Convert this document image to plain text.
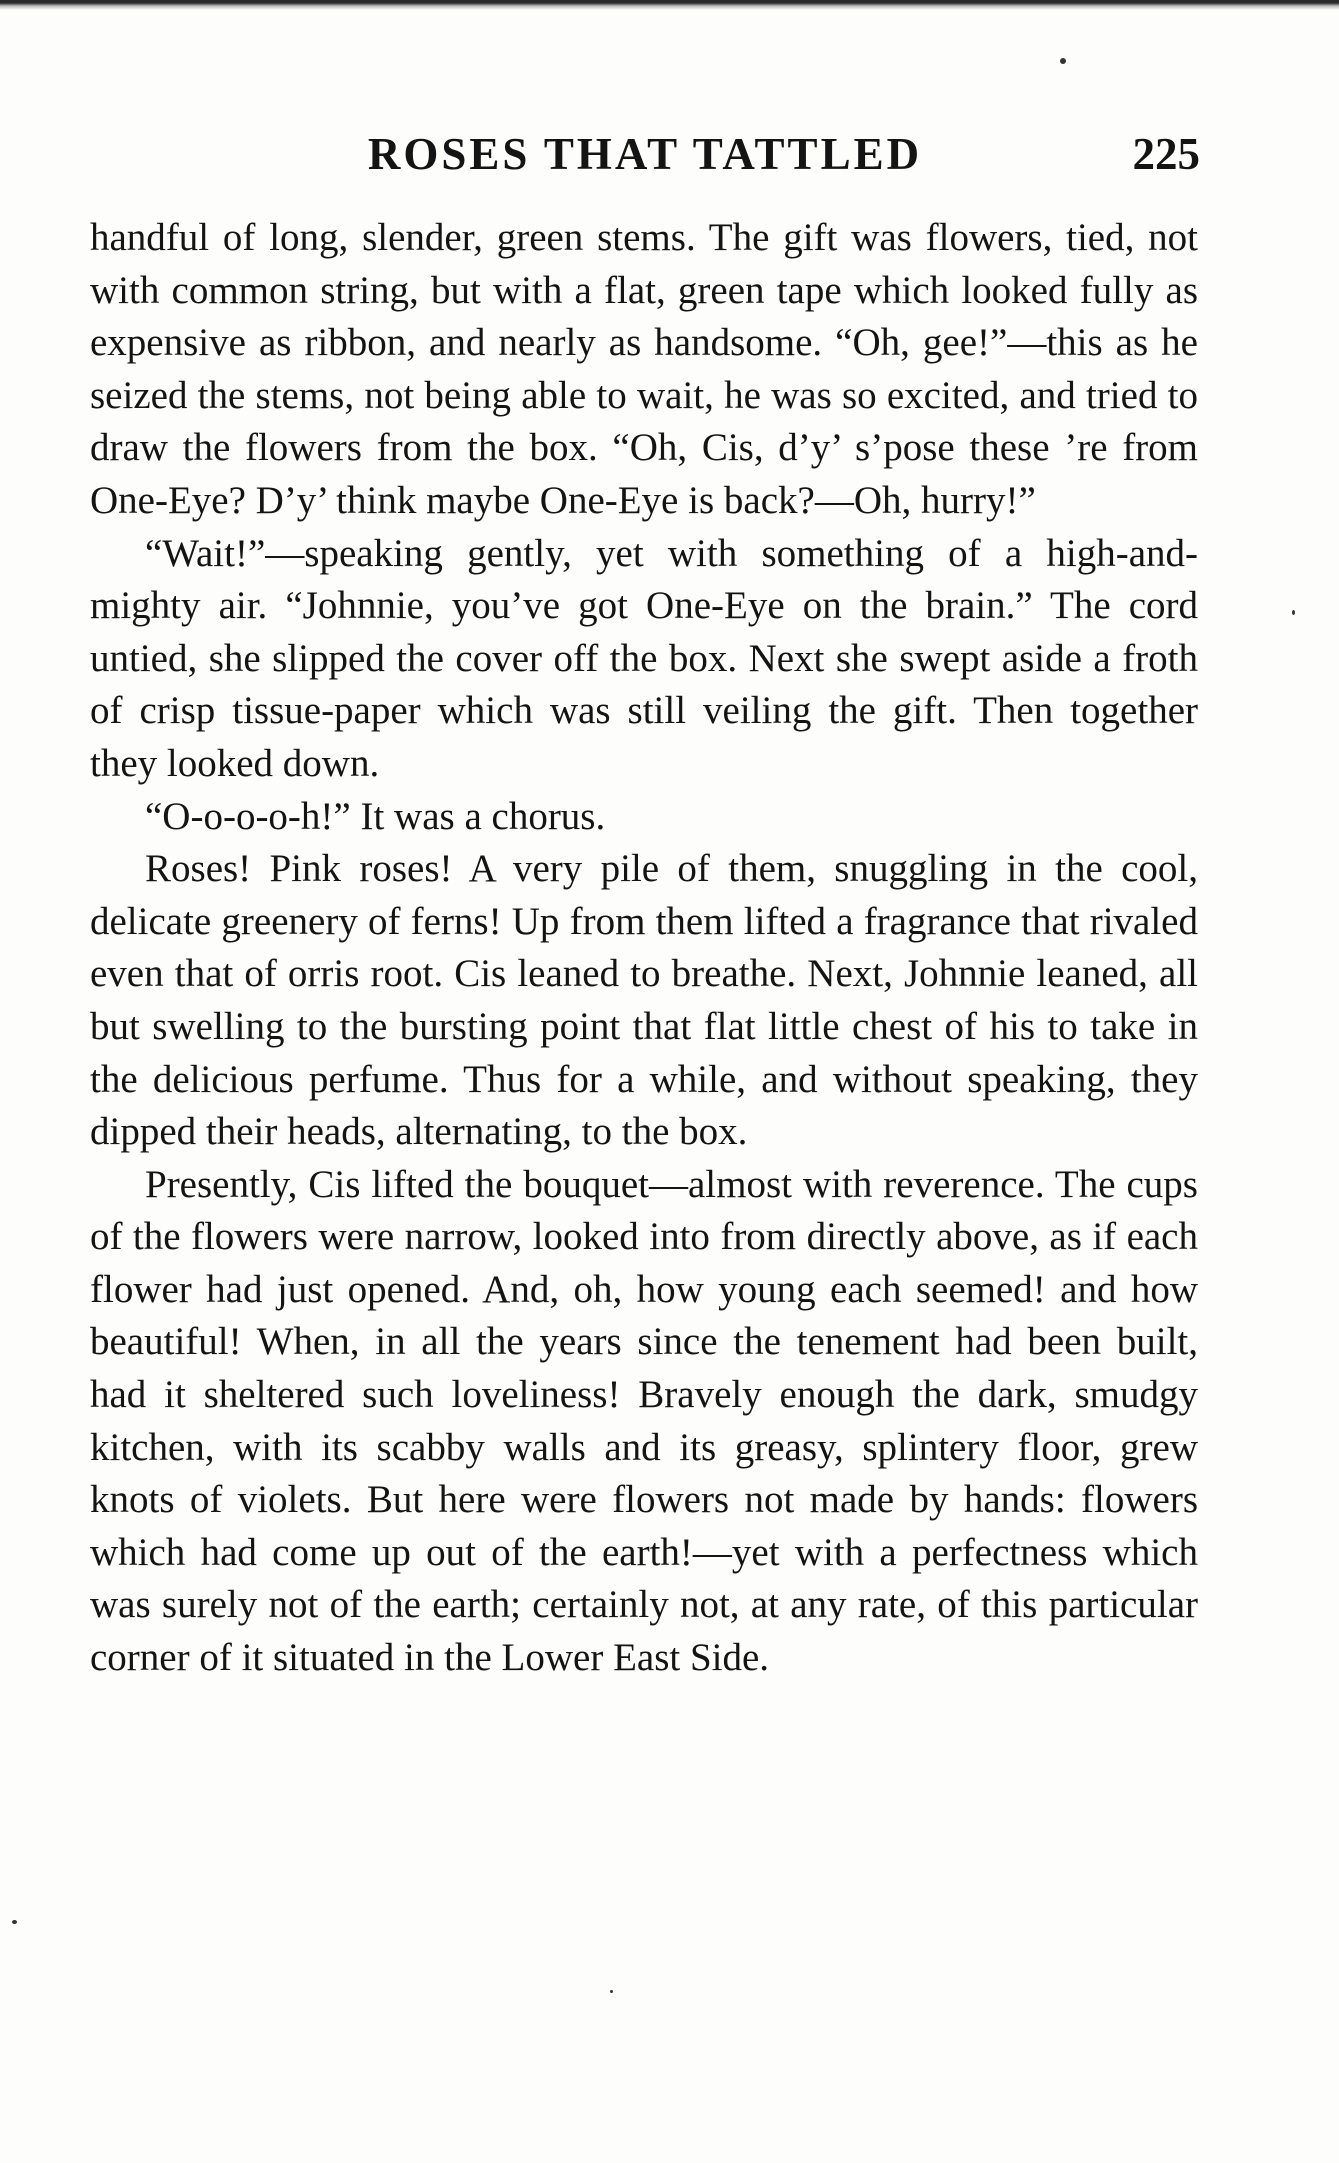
ROSES THAT TATTLED	225

handful of long, slender, green stems. The gift was flowers, tied, not with common string, but with a flat, green tape which looked fully as expensive as ribbon, and nearly as handsome. “Oh, gee!”—this as he seized the stems, not being able to wait, he was so excited, and tried to draw the flowers from the box. “Oh, Cis, d’y’ s’pose these ’re from One-Eye? D’y’ think maybe One-Eye is back?—Oh, hurry!”

“Wait!”—speaking gently, yet with something of a high-and-mighty air. “Johnnie, you’ve got One-Eye on the brain.” The cord untied, she slipped the cover off the box. Next she swept aside a froth of crisp tissue-paper which was still veiling the gift. Then together they looked down.

“O-o-o-o-h!” It was a chorus.

Roses! Pink roses! A very pile of them, snuggling in the cool, delicate greenery of ferns! Up from them lifted a fragrance that rivaled even that of orris root. Cis leaned to breathe. Next, Johnnie leaned, all but swelling to the bursting point that flat little chest of his to take in the delicious perfume. Thus for a while, and without speaking, they dipped their heads, alternating, to the box.

Presently, Cis lifted the bouquet—almost with reverence. The cups of the flowers were narrow, looked into from directly above, as if each flower had just opened. And, oh, how young each seemed! and how beautiful! When, in all the years since the tenement had been built, had it sheltered such loveliness! Bravely enough the dark, smudgy kitchen, with its scabby walls and its greasy, splintery floor, grew knots of violets. But here were flowers not made by hands: flowers which had come up out of the earth!—yet with a perfectness which was surely not of the earth; certainly not, at any rate, of this particular corner of it situated in the Lower East Side.
